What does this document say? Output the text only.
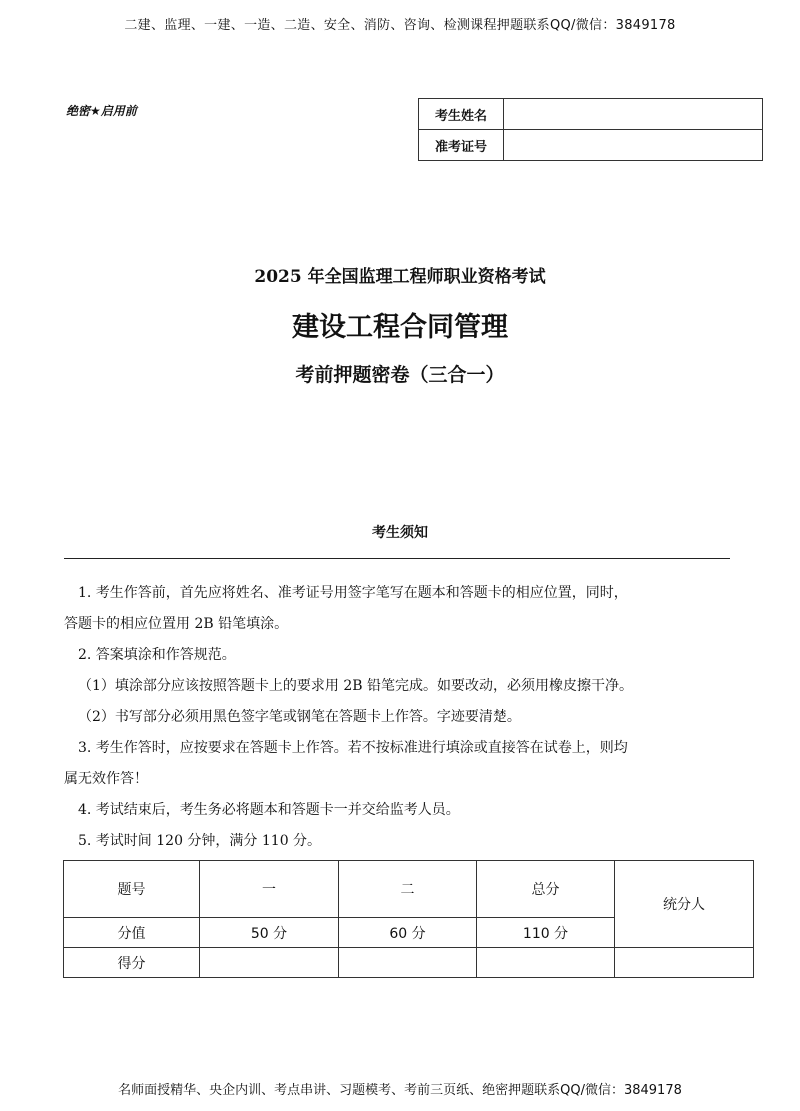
二建、监理、一建、一造、二造、安全、消防、咨询、检测课程押题联系QQ/微信：3849178
绝密★启用前	考生姓名	
准考证号	
2025 年全国监理工程师职业资格考试
建设工程合同管理
考前押题密卷（三合一）
考生须知

1. 考生作答前，首先应将姓名、准考证号用签字笔写在题本和答题卡的相应位置，同时，

答题卡的相应位置用 2B 铅笔填涂。

2. 答案填涂和作答规范。

（1）填涂部分应该按照答题卡上的要求用 2B 铅笔完成。如要改动，必须用橡皮擦干净。

（2）书写部分必须用黑色签字笔或钢笔在答题卡上作答。字迹要清楚。

3. 考生作答时，应按要求在答题卡上作答。若不按标准进行填涂或直接答在试卷上，则均

属无效作答！

4. 考试结束后，考生务必将题本和答题卡一并交给监考人员。

5. 考试时间 120 分钟，满分 110 分。

题号	一	二	总分	统分人
分值	50 分	60 分	110 分	
得分				
名师面授精华、央企内训、考点串讲、习题模考、考前三页纸、绝密押题联系QQ/微信：3849178
